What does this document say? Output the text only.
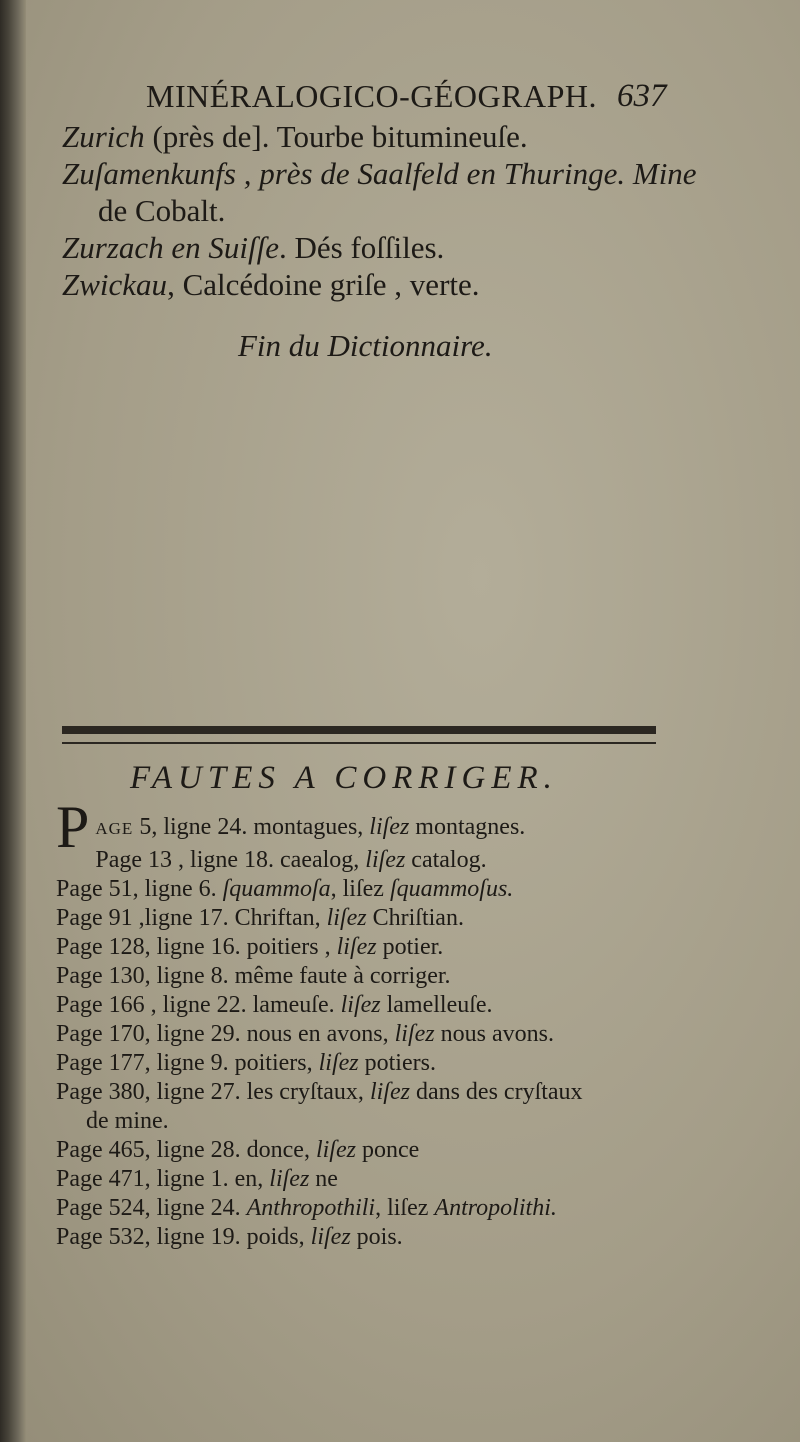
MINÉRALOGICO-GÉOGRAPH. 637
Zurich (près de]. Tourbe bitumineuſe.
Zuſamenkunfs , près de Saalfeld en Thuringe. Mine
de Cobalt.
Zurzach en Suiſſe. Dés foſſiles.
Zwickau, Calcédoine griſe , verte.
Fin du Dictionnaire.
FAUTES A CORRIGER.
PAGE 5, ligne 24. montagues, liſez montagnes.
Page 13 , ligne 18. caealog, liſez catalog.
Page 51, ligne 6. ſquammoſa, liſez ſquammoſus.
Page 91 ,ligne 17. Chriftan, liſez Chriſtian.
Page 128, ligne 16. poitiers , liſez potier.
Page 130, ligne 8. même faute à corriger.
Page 166 , ligne 22. lameuſe. liſez lamelleuſe.
Page 170, ligne 29. nous en avons, liſez nous avons.
Page 177, ligne 9. poitiers, liſez potiers.
Page 380, ligne 27. les cryſtaux, liſez dans des cryſtaux
de mine.
Page 465, ligne 28. donce, liſez ponce
Page 471, ligne 1. en, liſez ne
Page 524, ligne 24. Anthropothili, liſez Antropolithi.
Page 532, ligne 19. poids, liſez pois.
